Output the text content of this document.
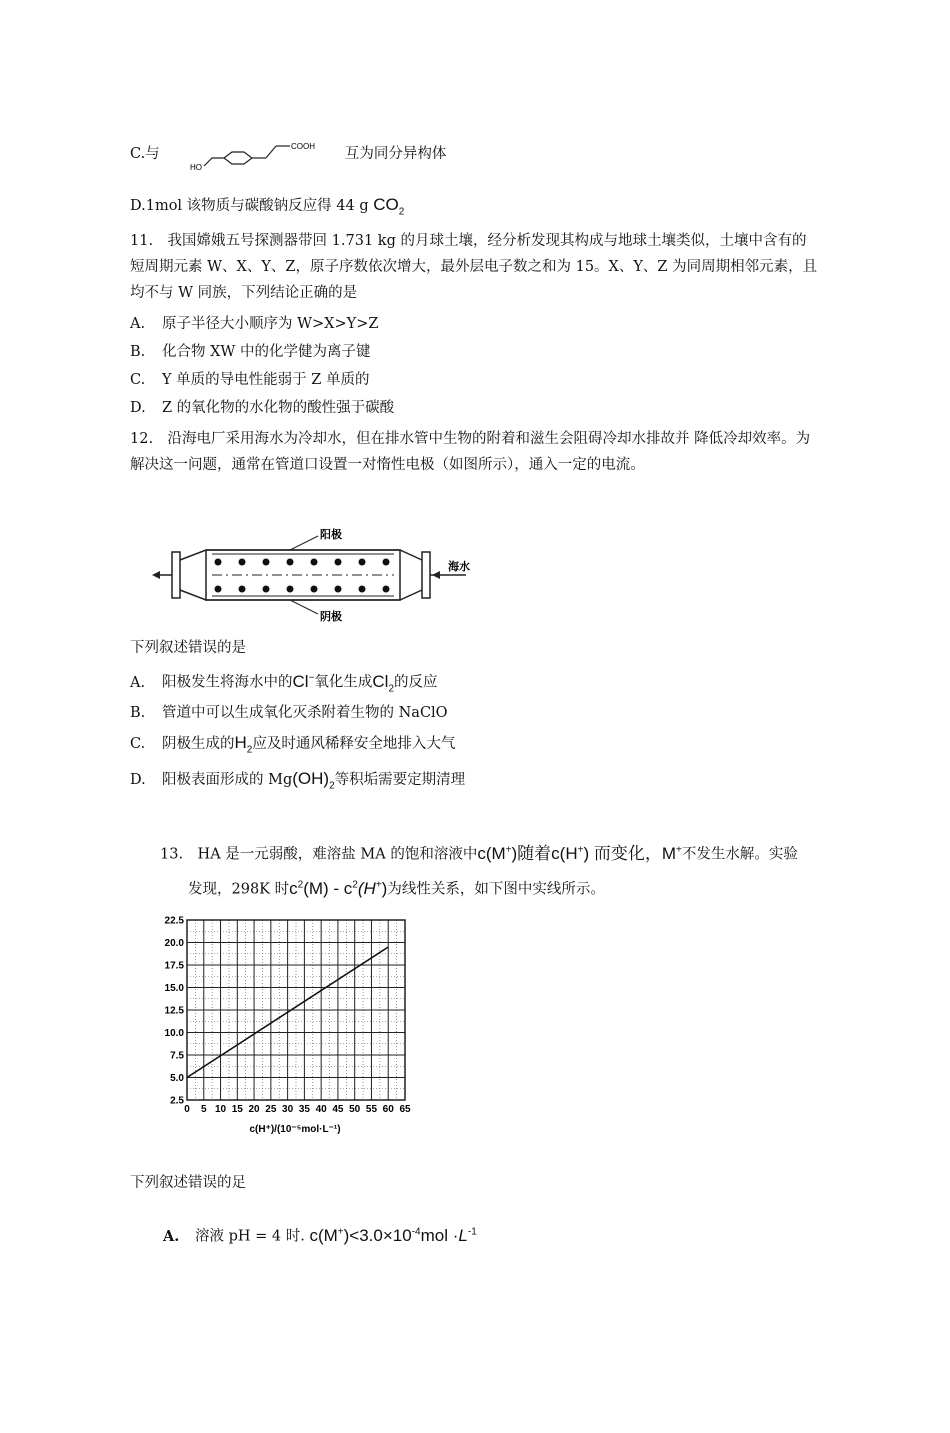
C.与	COOH
HO
互为同分异构体
D.1mol 该物质与碳酸钠反应得 44 g $CO_2$
11.　我国嫦娥五号探测器带回 1.731 kg 的月球土壤，经分析发现其构成与地球土壤类似，土壤中含有的短周期元素 W、X、Y、Z，原子序数依次增大，最外层电子数之和为 15。X、Y、Z 为同周期相邻元素，且均不与 W 同族，下列结论正确的是
A. 原子半径大小顺序为 W>X>Y>Z
B. 化合物 XW 中的化学健为离子键
C. Y 单质的导电性能弱于 Z 单质的
D. Z 的氧化物的水化物的酸性强于碳酸
12.　沿海电厂采用海水为冷却水，但在排水管中生物的附着和滋生会阻碍冷却水排故并 降低冷却效率。为解决这一问题，通常在管道口设置一对惰性电极（如图所示），通入一定的电流。
阳极
阴极
海水
下列叙述错误的是
A. 阳极发生将海水中的Cl−氧化生成$Cl_2$的反应
B. 管道中可以生成氧化灭杀附着生物的 NaClO
C. 阴极生成的$H_2$应及时通风稀释安全地排入大气
D. 阳极表面形成的 $Mg(OH)_2$等积垢需要定期清理
13.　HA 是一元弱酸，难溶盐 MA 的饱和溶液中c(M+)随着c(H+) 而变化，M+不发生水解。实验
发现，298K 时$c^2(M) - c^2(H^+)$为线性关系，如下图中实线所示。
2.5
5.0
7.5
10.0
12.5
15.0
17.5
20.0
22.5
0 5 10 15 20 25 30 35 40 45 50 55 60 65
c(H⁺)/(10⁻⁵mol·L⁻¹)
下列叙述错误的足
A. 溶液 pH = 4 时. $c(M^+)<3.0\times 10^{-4}mol \cdot L^{-1}$
